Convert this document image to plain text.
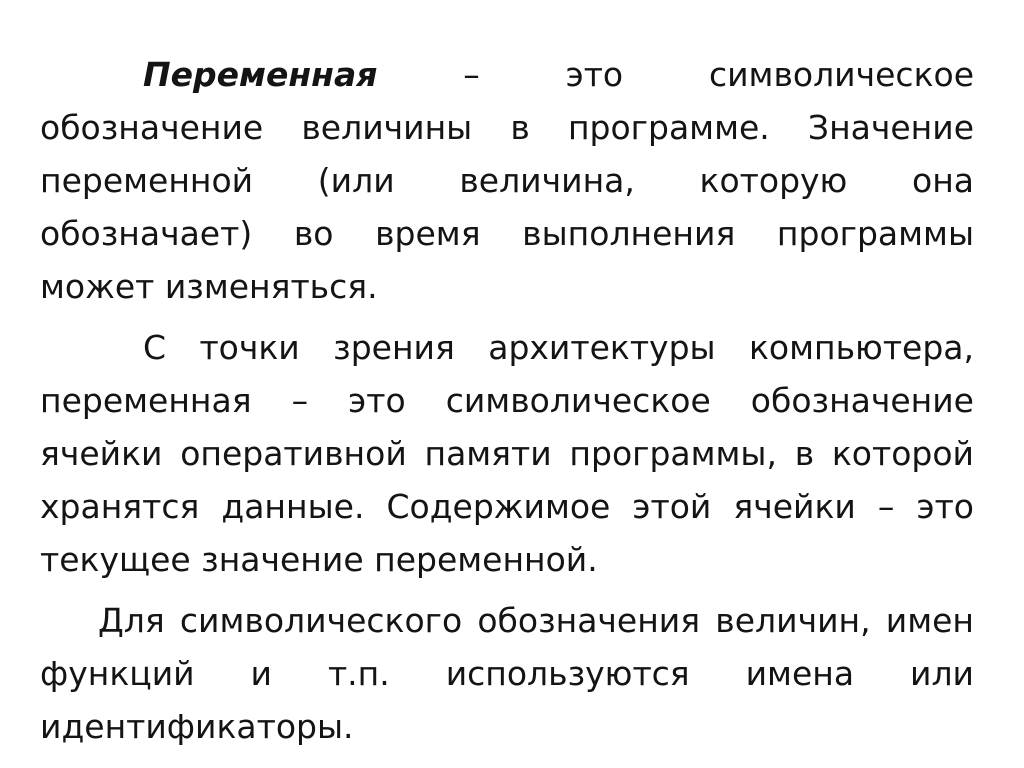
Переменная – это символическое обозначение величины в программе. Значение переменной (или величина, которую она обозначает) во время выполнения программы может изменяться.

С точки зрения архитектуры компьютера, переменная – это символическое обозначение ячейки оперативной памяти программы, в которой хранятся данные. Содержимое этой ячейки – это текущее значение переменной.

Для символического обозначения величин, имен функций и т.п. используются имена или идентификаторы.
